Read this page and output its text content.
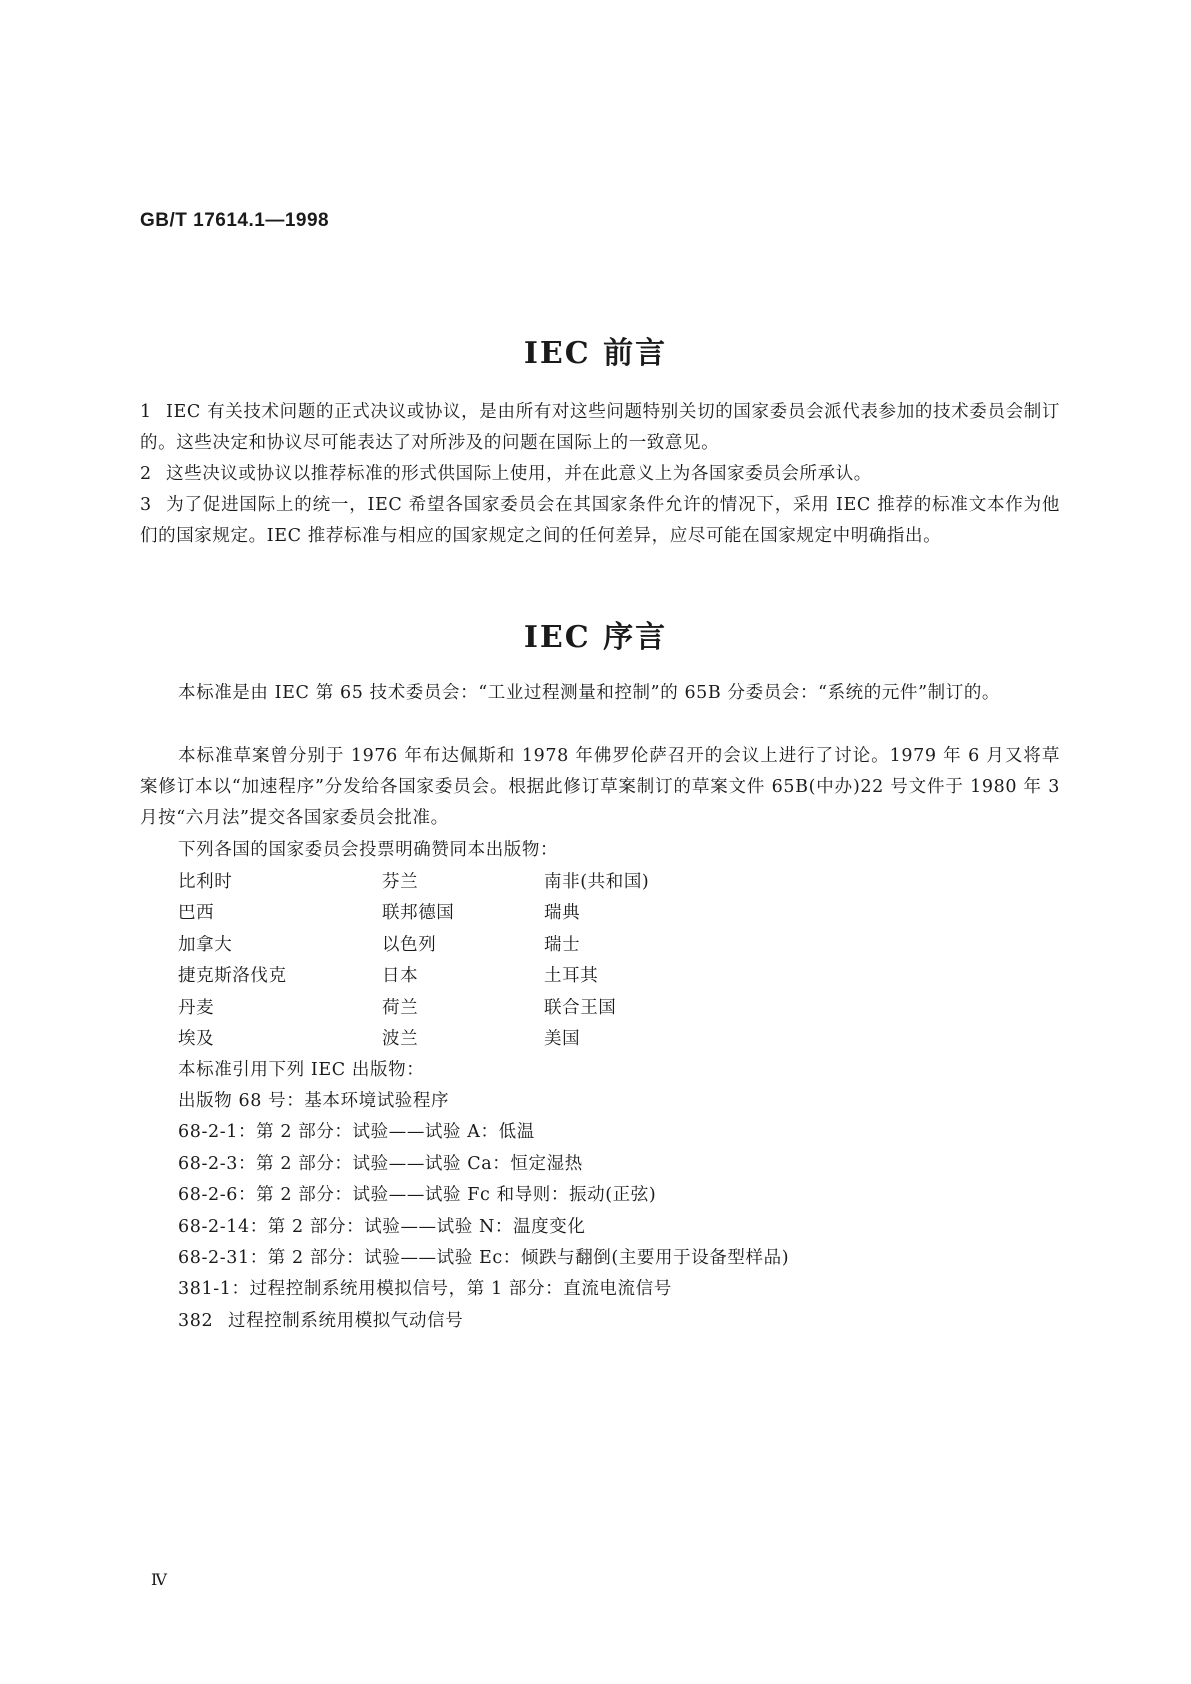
GB/T 17614.1—1998
IEC 前言
1 IEC 有关技术问题的正式决议或协议，是由所有对这些问题特别关切的国家委员会派代表参加的技术委员会制订的。这些决定和协议尽可能表达了对所涉及的问题在国际上的一致意见。
2 这些决议或协议以推荐标准的形式供国际上使用，并在此意义上为各国家委员会所承认。
3 为了促进国际上的统一，IEC 希望各国家委员会在其国家条件允许的情况下，采用 IEC 推荐的标准文本作为他们的国家规定。IEC 推荐标准与相应的国家规定之间的任何差异，应尽可能在国家规定中明确指出。
IEC 序言
本标准是由 IEC 第 65 技术委员会：“工业过程测量和控制”的 65B 分委员会：“系统的元件”制订的。
本标准草案曾分别于 1976 年布达佩斯和 1978 年佛罗伦萨召开的会议上进行了讨论。1979 年 6 月又将草案修订本以“加速程序”分发给各国家委员会。根据此修订草案制订的草案文件 65B(中办)22 号文件于 1980 年 3 月按“六月法”提交各国家委员会批准。
下列各国的国家委员会投票明确赞同本出版物：
比利时	芬兰	南非(共和国)
巴西	联邦德国	瑞典
加拿大	以色列	瑞士
捷克斯洛伐克	日本	土耳其
丹麦	荷兰	联合王国
埃及	波兰	美国
本标准引用下列 IEC 出版物：
出版物 68 号：基本环境试验程序
68-2-1：第 2 部分：试验——试验 A：低温
68-2-3：第 2 部分：试验——试验 Ca：恒定湿热
68-2-6：第 2 部分：试验——试验 Fc 和导则：振动(正弦)
68-2-14：第 2 部分：试验——试验 N：温度变化
68-2-31：第 2 部分：试验——试验 Ec：倾跌与翻倒(主要用于设备型样品)
381-1：过程控制系统用模拟信号，第 1 部分：直流电流信号
382 过程控制系统用模拟气动信号
Ⅳ
